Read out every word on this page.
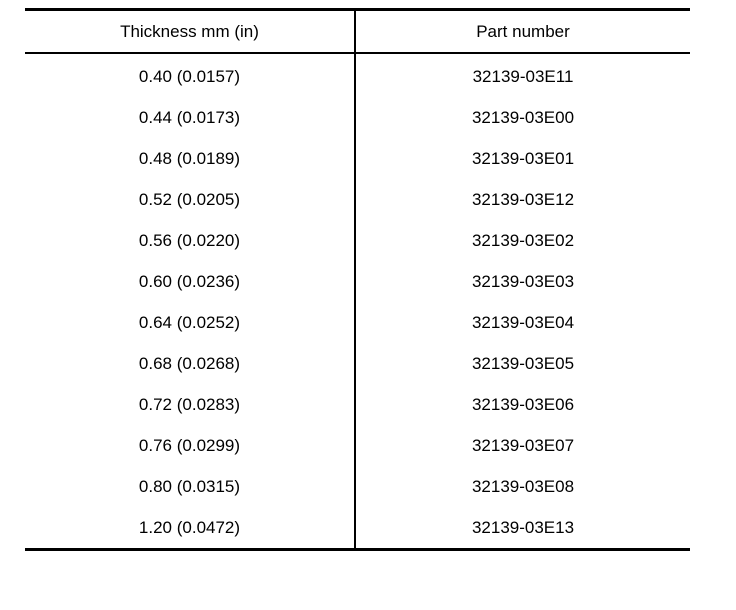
Thickness mm (in)	Part number
0.40 (0.0157)	32139-03E11
0.44 (0.0173)	32139-03E00
0.48 (0.0189)	32139-03E01
0.52 (0.0205)	32139-03E12
0.56 (0.0220)	32139-03E02
0.60 (0.0236)	32139-03E03
0.64 (0.0252)	32139-03E04
0.68 (0.0268)	32139-03E05
0.72 (0.0283)	32139-03E06
0.76 (0.0299)	32139-03E07
0.80 (0.0315)	32139-03E08
1.20 (0.0472)	32139-03E13
